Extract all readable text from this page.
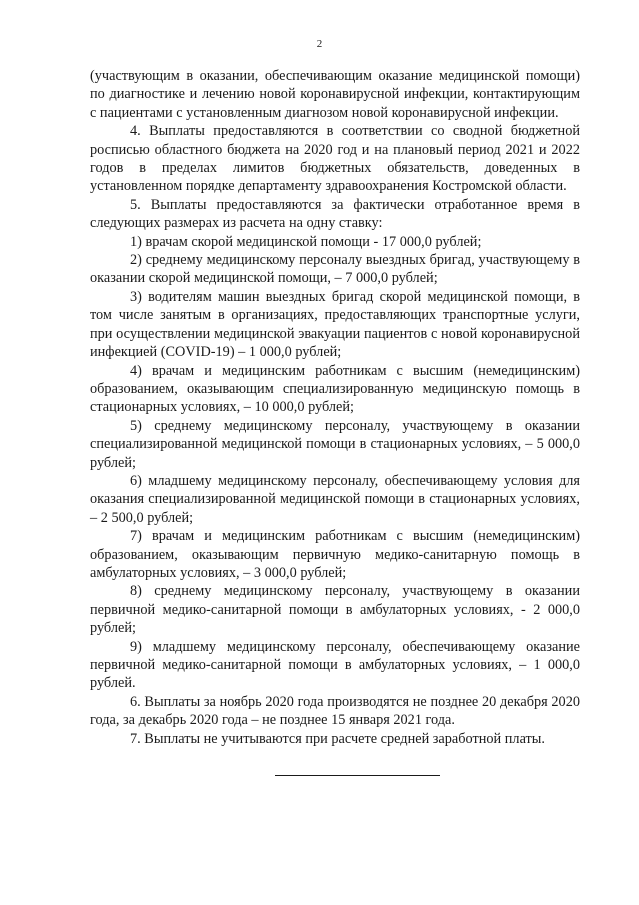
2

(участвующим в оказании, обеспечивающим оказание медицинской помощи) по диагностике и лечению новой коронавирусной инфекции, контактирующим с пациентами с установленным диагнозом новой коронавирусной инфекции.

4. Выплаты предоставляются в соответствии со сводной бюджетной росписью областного бюджета на 2020 год и на плановый период 2021 и 2022 годов в пределах лимитов бюджетных обязательств, доведенных в установленном порядке департаменту здравоохранения Костромской области.

5. Выплаты предоставляются за фактически отработанное время в следующих размерах из расчета на одну ставку:

1) врачам скорой медицинской помощи - 17 000,0 рублей;

2) среднему медицинскому персоналу выездных бригад, участвующему в оказании скорой медицинской помощи, – 7 000,0 рублей;

3) водителям машин выездных бригад скорой медицинской помощи, в том числе занятым в организациях, предоставляющих транспортные услуги, при осуществлении медицинской эвакуации пациентов с новой коронавирусной инфекцией (COVID-19) – 1 000,0 рублей;

4) врачам и медицинским работникам с высшим (немедицинским) образованием, оказывающим специализированную медицинскую помощь в стационарных условиях, – 10 000,0 рублей;

5) среднему медицинскому персоналу, участвующему в оказании специализированной медицинской помощи в стационарных условиях, – 5 000,0 рублей;

6) младшему медицинскому персоналу, обеспечивающему условия для оказания специализированной медицинской помощи в стационарных условиях, – 2 500,0 рублей;

7) врачам и медицинским работникам с высшим (немедицинским) образованием, оказывающим первичную медико-санитарную помощь в амбулаторных условиях, – 3 000,0 рублей;

8) среднему медицинскому персоналу, участвующему в оказании первичной медико-санитарной помощи в амбулаторных условиях, - 2 000,0 рублей;

9) младшему медицинскому персоналу, обеспечивающему оказание первичной медико-санитарной помощи в амбулаторных условиях, – 1 000,0 рублей.

6. Выплаты за ноябрь 2020 года производятся не позднее 20 декабря 2020 года, за декабрь 2020 года – не позднее 15 января 2021 года.

7. Выплаты не учитываются при расчете средней заработной платы.
